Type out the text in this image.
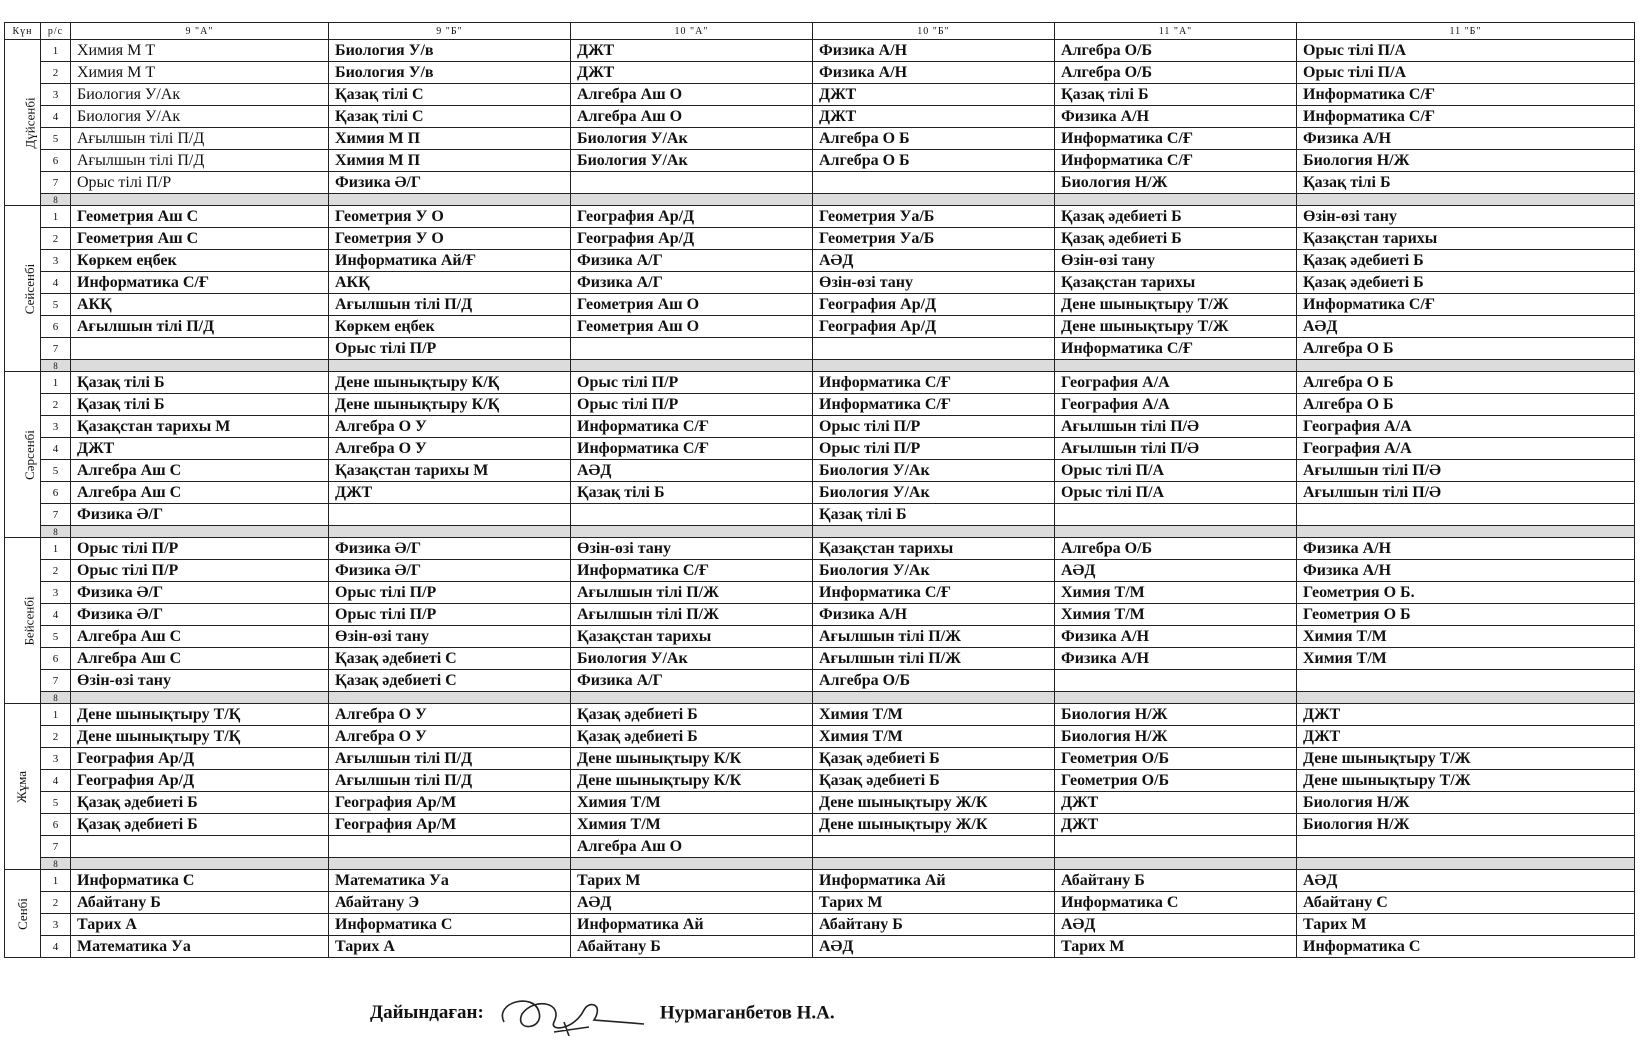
Күн	р/с	9 "А"	9 "Б"	10 "А"	10 "Б"	11 "А"	11 "Б"
Дүйсенбі	1	Химия М Т	Биология У/в	ДЖТ	Физика А/Н	Алгебра О/Б	Орыс тілі П/А
	2	Химия М Т	Биология У/в	ДЖТ	Физика А/Н	Алгебра О/Б	Орыс тілі П/А
	3	Биология У/Ак	Қазақ тілі С	Алгебра Аш О	ДЖТ	Қазақ тілі Б	Информатика С/Ғ
	4	Биология У/Ак	Қазақ тілі С	Алгебра Аш О	ДЖТ	Физика А/Н	Информатика С/Ғ
	5	Ағылшын тілі П/Д	Химия М П	Биология У/Ак	Алгебра О Б	Информатика С/Ғ	Физика А/Н
	6	Ағылшын тілі П/Д	Химия М П	Биология У/Ак	Алгебра О Б	Информатика С/Ғ	Биология Н/Ж
	7	Орыс тілі П/Р	Физика Ә/Г			Биология Н/Ж	Қазақ тілі Б
	8						
Сейсенбі	1	Геометрия Аш С	Геометрия У О	География Ар/Д	Геометрия Уа/Б	Қазақ әдебиеті Б	Өзін-өзі тану
	2	Геометрия Аш С	Геометрия У О	География Ар/Д	Геометрия Уа/Б	Қазақ әдебиеті Б	Қазақстан тарихы
	3	Көркем еңбек	Информатика Ай/Ғ	Физика А/Г	АӘД	Өзін-өзі тану	Қазақ әдебиеті Б
	4	Информатика С/Ғ	АКҚ	Физика А/Г	Өзін-өзі тану	Қазақстан тарихы	Қазақ әдебиеті Б
	5	АКҚ	Ағылшын тілі П/Д	Геометрия Аш О	География Ар/Д	Дене шынықтыру Т/Ж	Информатика С/Ғ
	6	Ағылшын тілі П/Д	Көркем еңбек	Геометрия Аш О	География Ар/Д	Дене шынықтыру Т/Ж	АӘД
	7		Орыс тілі П/Р			Информатика С/Ғ	Алгебра О Б
	8						
Сәрсенбі	1	Қазақ тілі Б	Дене шынықтыру К/Қ	Орыс тілі П/Р	Информатика С/Ғ	География А/А	Алгебра О Б
	2	Қазақ тілі Б	Дене шынықтыру К/Қ	Орыс тілі П/Р	Информатика С/Ғ	География А/А	Алгебра О Б
	3	Қазақстан тарихы М	Алгебра О У	Информатика С/Ғ	Орыс тілі П/Р	Ағылшын тілі П/Ә	География А/А
	4	ДЖТ	Алгебра О У	Информатика С/Ғ	Орыс тілі П/Р	Ағылшын тілі П/Ә	География А/А
	5	Алгебра Аш С	Қазақстан тарихы М	АӘД	Биология У/Ак	Орыс тілі П/А	Ағылшын тілі П/Ә
	6	Алгебра Аш С	ДЖТ	Қазақ тілі Б	Биология У/Ак	Орыс тілі П/А	Ағылшын тілі П/Ә
	7	Физика Ә/Г			Қазақ тілі Б		
	8						
Бейсенбі	1	Орыс тілі П/Р	Физика Ә/Г	Өзін-өзі тану	Қазақстан тарихы	Алгебра О/Б	Физика А/Н
	2	Орыс тілі П/Р	Физика Ә/Г	Информатика С/Ғ	Биология У/Ак	АӘД	Физика А/Н
	3	Физика Ә/Г	Орыс тілі П/Р	Ағылшын тілі П/Ж	Информатика С/Ғ	Химия Т/М	Геометрия О Б.
	4	Физика Ә/Г	Орыс тілі П/Р	Ағылшын тілі П/Ж	Физика А/Н	Химия Т/М	Геометрия О Б
	5	Алгебра Аш С	Өзін-өзі тану	Қазақстан тарихы	Ағылшын тілі П/Ж	Физика А/Н	Химия Т/М
	6	Алгебра Аш С	Қазақ әдебиеті С	Биология У/Ак	Ағылшын тілі П/Ж	Физика А/Н	Химия Т/М
	7	Өзін-өзі тану	Қазақ әдебиеті С	Физика А/Г	Алгебра О/Б		
	8						
Жұма	1	Дене шынықтыру Т/Қ	Алгебра О У	Қазақ әдебиеті Б	Химия Т/М	Биология Н/Ж	ДЖТ
	2	Дене шынықтыру Т/Қ	Алгебра О У	Қазақ әдебиеті Б	Химия Т/М	Биология Н/Ж	ДЖТ
	3	География Ар/Д	Ағылшын тілі П/Д	Дене шынықтыру К/К	Қазақ әдебиеті Б	Геометрия О/Б	Дене шынықтыру Т/Ж
	4	География Ар/Д	Ағылшын тілі П/Д	Дене шынықтыру К/К	Қазақ әдебиеті Б	Геометрия О/Б	Дене шынықтыру Т/Ж
	5	Қазақ әдебиеті Б	География Ар/М	Химия Т/М	Дене шынықтыру Ж/К	ДЖТ	Биология Н/Ж
	6	Қазақ әдебиеті Б	География Ар/М	Химия Т/М	Дене шынықтыру Ж/К	ДЖТ	Биология Н/Ж
	7			Алгебра Аш О			
	8						
Сенбі	1	Информатика С	Математика Уа	Тарих М	Информатика Ай	Абайтану Б	АӘД
	2	Абайтану Б	Абайтану Э	АӘД	Тарих М	Информатика С	Абайтану С
	3	Тарих А	Информатика С	Информатика Ай	Абайтану Б	АӘД	Тарих М
	4	Математика Уа	Тарих А	Абайтану Б	АӘД	Тарих М	Информатика С
Дайындаған:	Нурмаганбетов Н.А.
